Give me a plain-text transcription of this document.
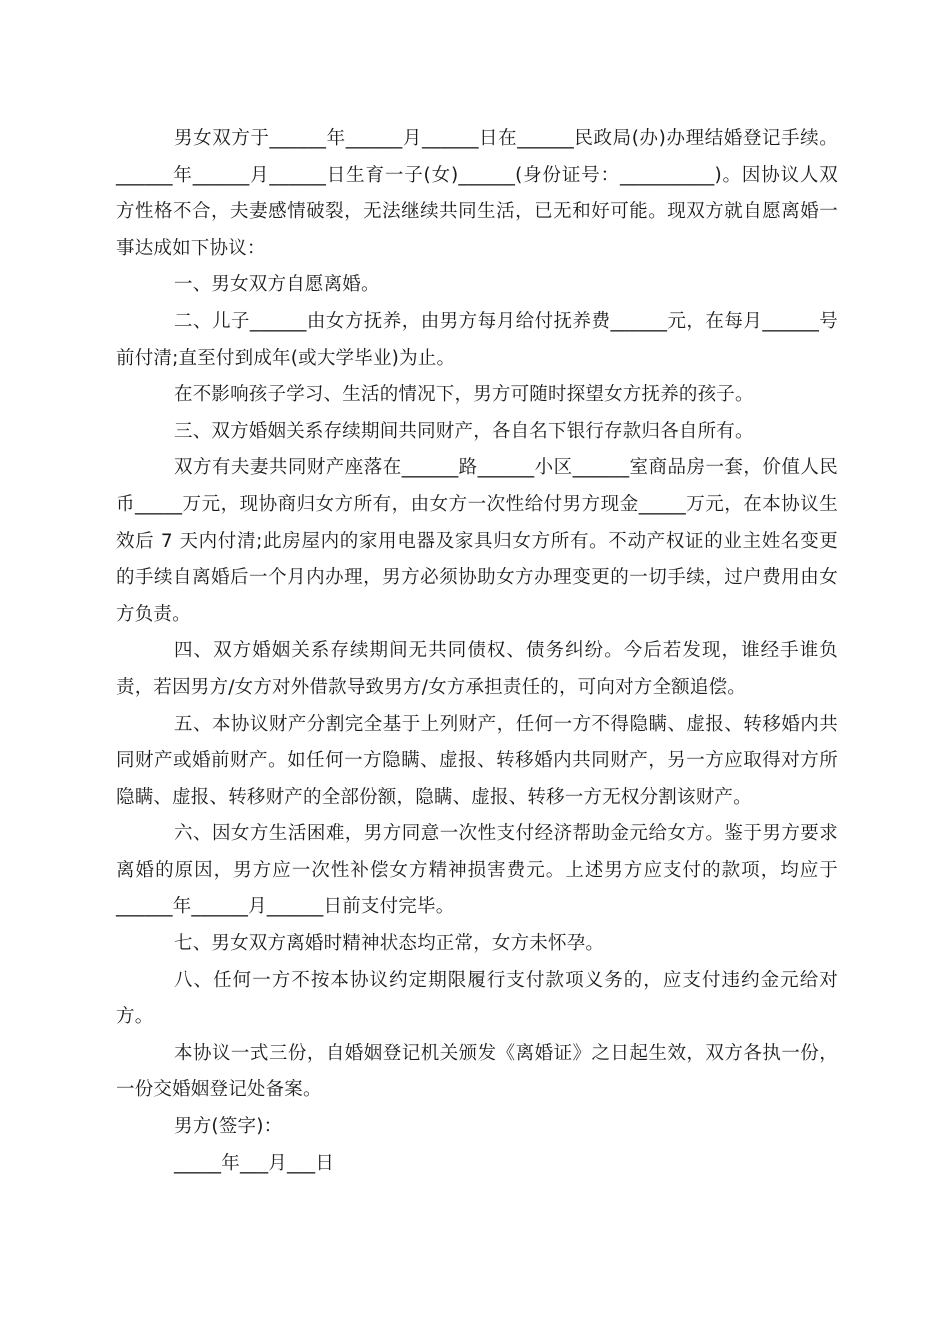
男女双方于______年______月______日在______民政局(办)办理结婚登记手续。______年______月______日生育一子(女)______(身份证号：__________)。因协议人双方性格不合，夫妻感情破裂，无法继续共同生活，已无和好可能。现双方就自愿离婚一事达成如下协议：

一、男女双方自愿离婚。

二、儿子______由女方抚养，由男方每月给付抚养费______元，在每月______号前付清;直至付到成年(或大学毕业)为止。

在不影响孩子学习、生活的情况下，男方可随时探望女方抚养的孩子。

三、双方婚姻关系存续期间共同财产，各自名下银行存款归各自所有。

双方有夫妻共同财产座落在______路______小区______室商品房一套，价值人民币_____万元，现协商归女方所有，由女方一次性给付男方现金_____万元，在本协议生效后 7 天内付清;此房屋内的家用电器及家具归女方所有。不动产权证的业主姓名变更的手续自离婚后一个月内办理，男方必须协助女方办理变更的一切手续，过户费用由女方负责。

四、双方婚姻关系存续期间无共同债权、债务纠纷。今后若发现，谁经手谁负责，若因男方/女方对外借款导致男方/女方承担责任的，可向对方全额追偿。

五、本协议财产分割完全基于上列财产，任何一方不得隐瞒、虚报、转移婚内共同财产或婚前财产。如任何一方隐瞒、虚报、转移婚内共同财产，另一方应取得对方所隐瞒、虚报、转移财产的全部份额，隐瞒、虚报、转移一方无权分割该财产。

六、因女方生活困难，男方同意一次性支付经济帮助金元给女方。鉴于男方要求离婚的原因，男方应一次性补偿女方精神损害费元。上述男方应支付的款项，均应于______年______月______日前支付完毕。

七、男女双方离婚时精神状态均正常，女方未怀孕。

八、任何一方不按本协议约定期限履行支付款项义务的，应支付违约金元给对方。

本协议一式三份，自婚姻登记机关颁发《离婚证》之日起生效，双方各执一份，一份交婚姻登记处备案。

男方(签字)：

_____年___月___日
